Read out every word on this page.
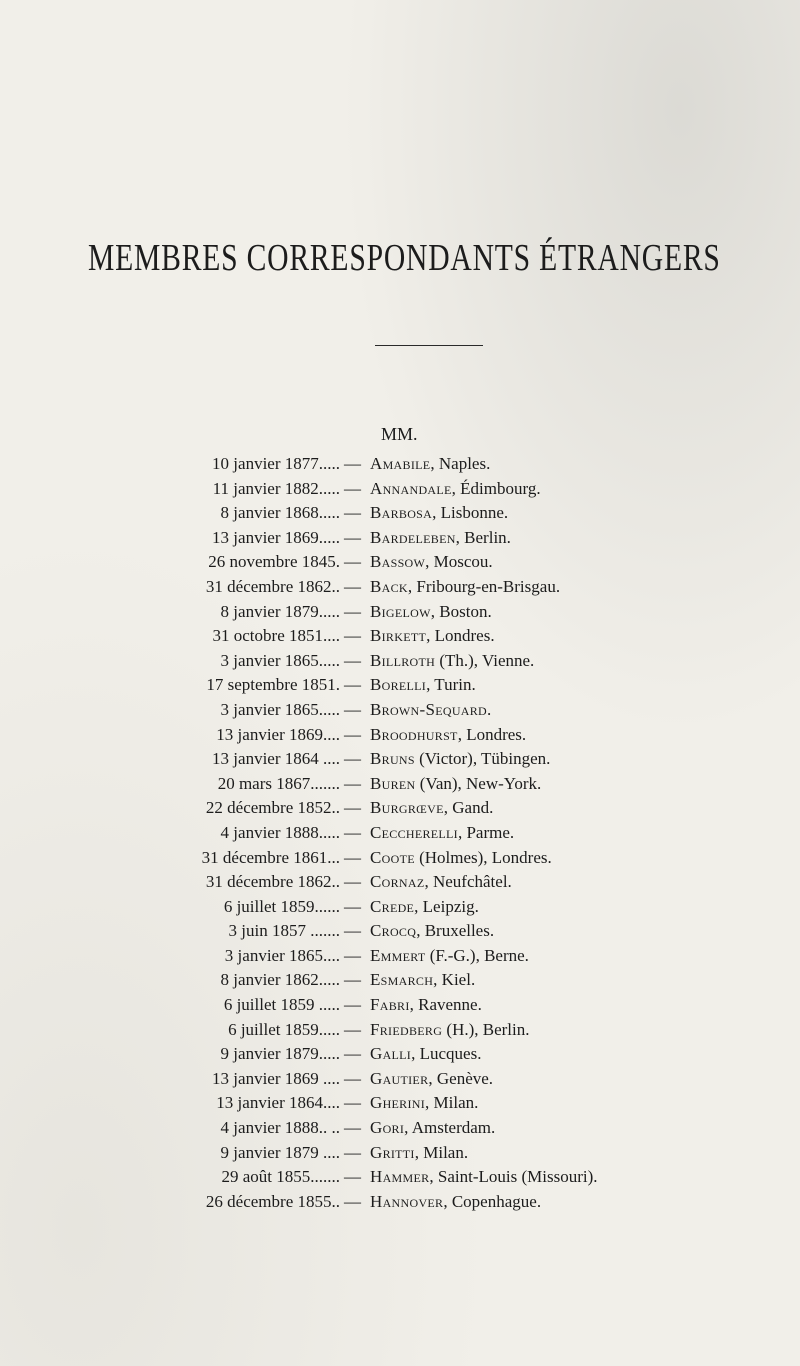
MEMBRES CORRESPONDANTS ÉTRANGERS
MM.
10 janvier 1877..... — Amabile, Naples.
11 janvier 1882..... — Annandale, Édimbourg.
8 janvier 1868..... — Barbosa, Lisbonne.
13 janvier 1869..... — Bardeleben, Berlin.
26 novembre 1845. — Bassow, Moscou.
31 décembre 1862.. — Back, Fribourg-en-Brisgau.
8 janvier 1879..... — Bigelow, Boston.
31 octobre 1851.... — Birkett, Londres.
3 janvier 1865..... — Billroth (Th.), Vienne.
17 septembre 1851. — Borelli, Turin.
3 janvier 1865..... — Brown-Sequard.
13 janvier 1869.... — Broodhurst, Londres.
13 janvier 1864 .... — Bruns (Victor), Tübingen.
20 mars 1867....... — Buren (Van), New-York.
22 décembre 1852.. — Burgrœve, Gand.
4 janvier 1888..... — Ceccherelli, Parme.
31 décembre 1861... — Coote (Holmes), Londres.
31 décembre 1862.. — Cornaz, Neufchâtel.
6 juillet 1859...... — Crede, Leipzig.
3 juin 1857 ....... — Crocq, Bruxelles.
3 janvier 1865.... — Emmert (F.-G.), Berne.
8 janvier 1862..... — Esmarch, Kiel.
6 juillet 1859 ..... — Fabri, Ravenne.
6 juillet 1859..... — Friedberg (H.), Berlin.
9 janvier 1879..... — Galli, Lucques.
13 janvier 1869 .... — Gautier, Genève.
13 janvier 1864.... — Gherini, Milan.
4 janvier 1888.. .. — Gori, Amsterdam.
9 janvier 1879 .... — Gritti, Milan.
29 août 1855....... — Hammer, Saint-Louis (Missouri).
26 décembre 1855.. — Hannover, Copenhague.
